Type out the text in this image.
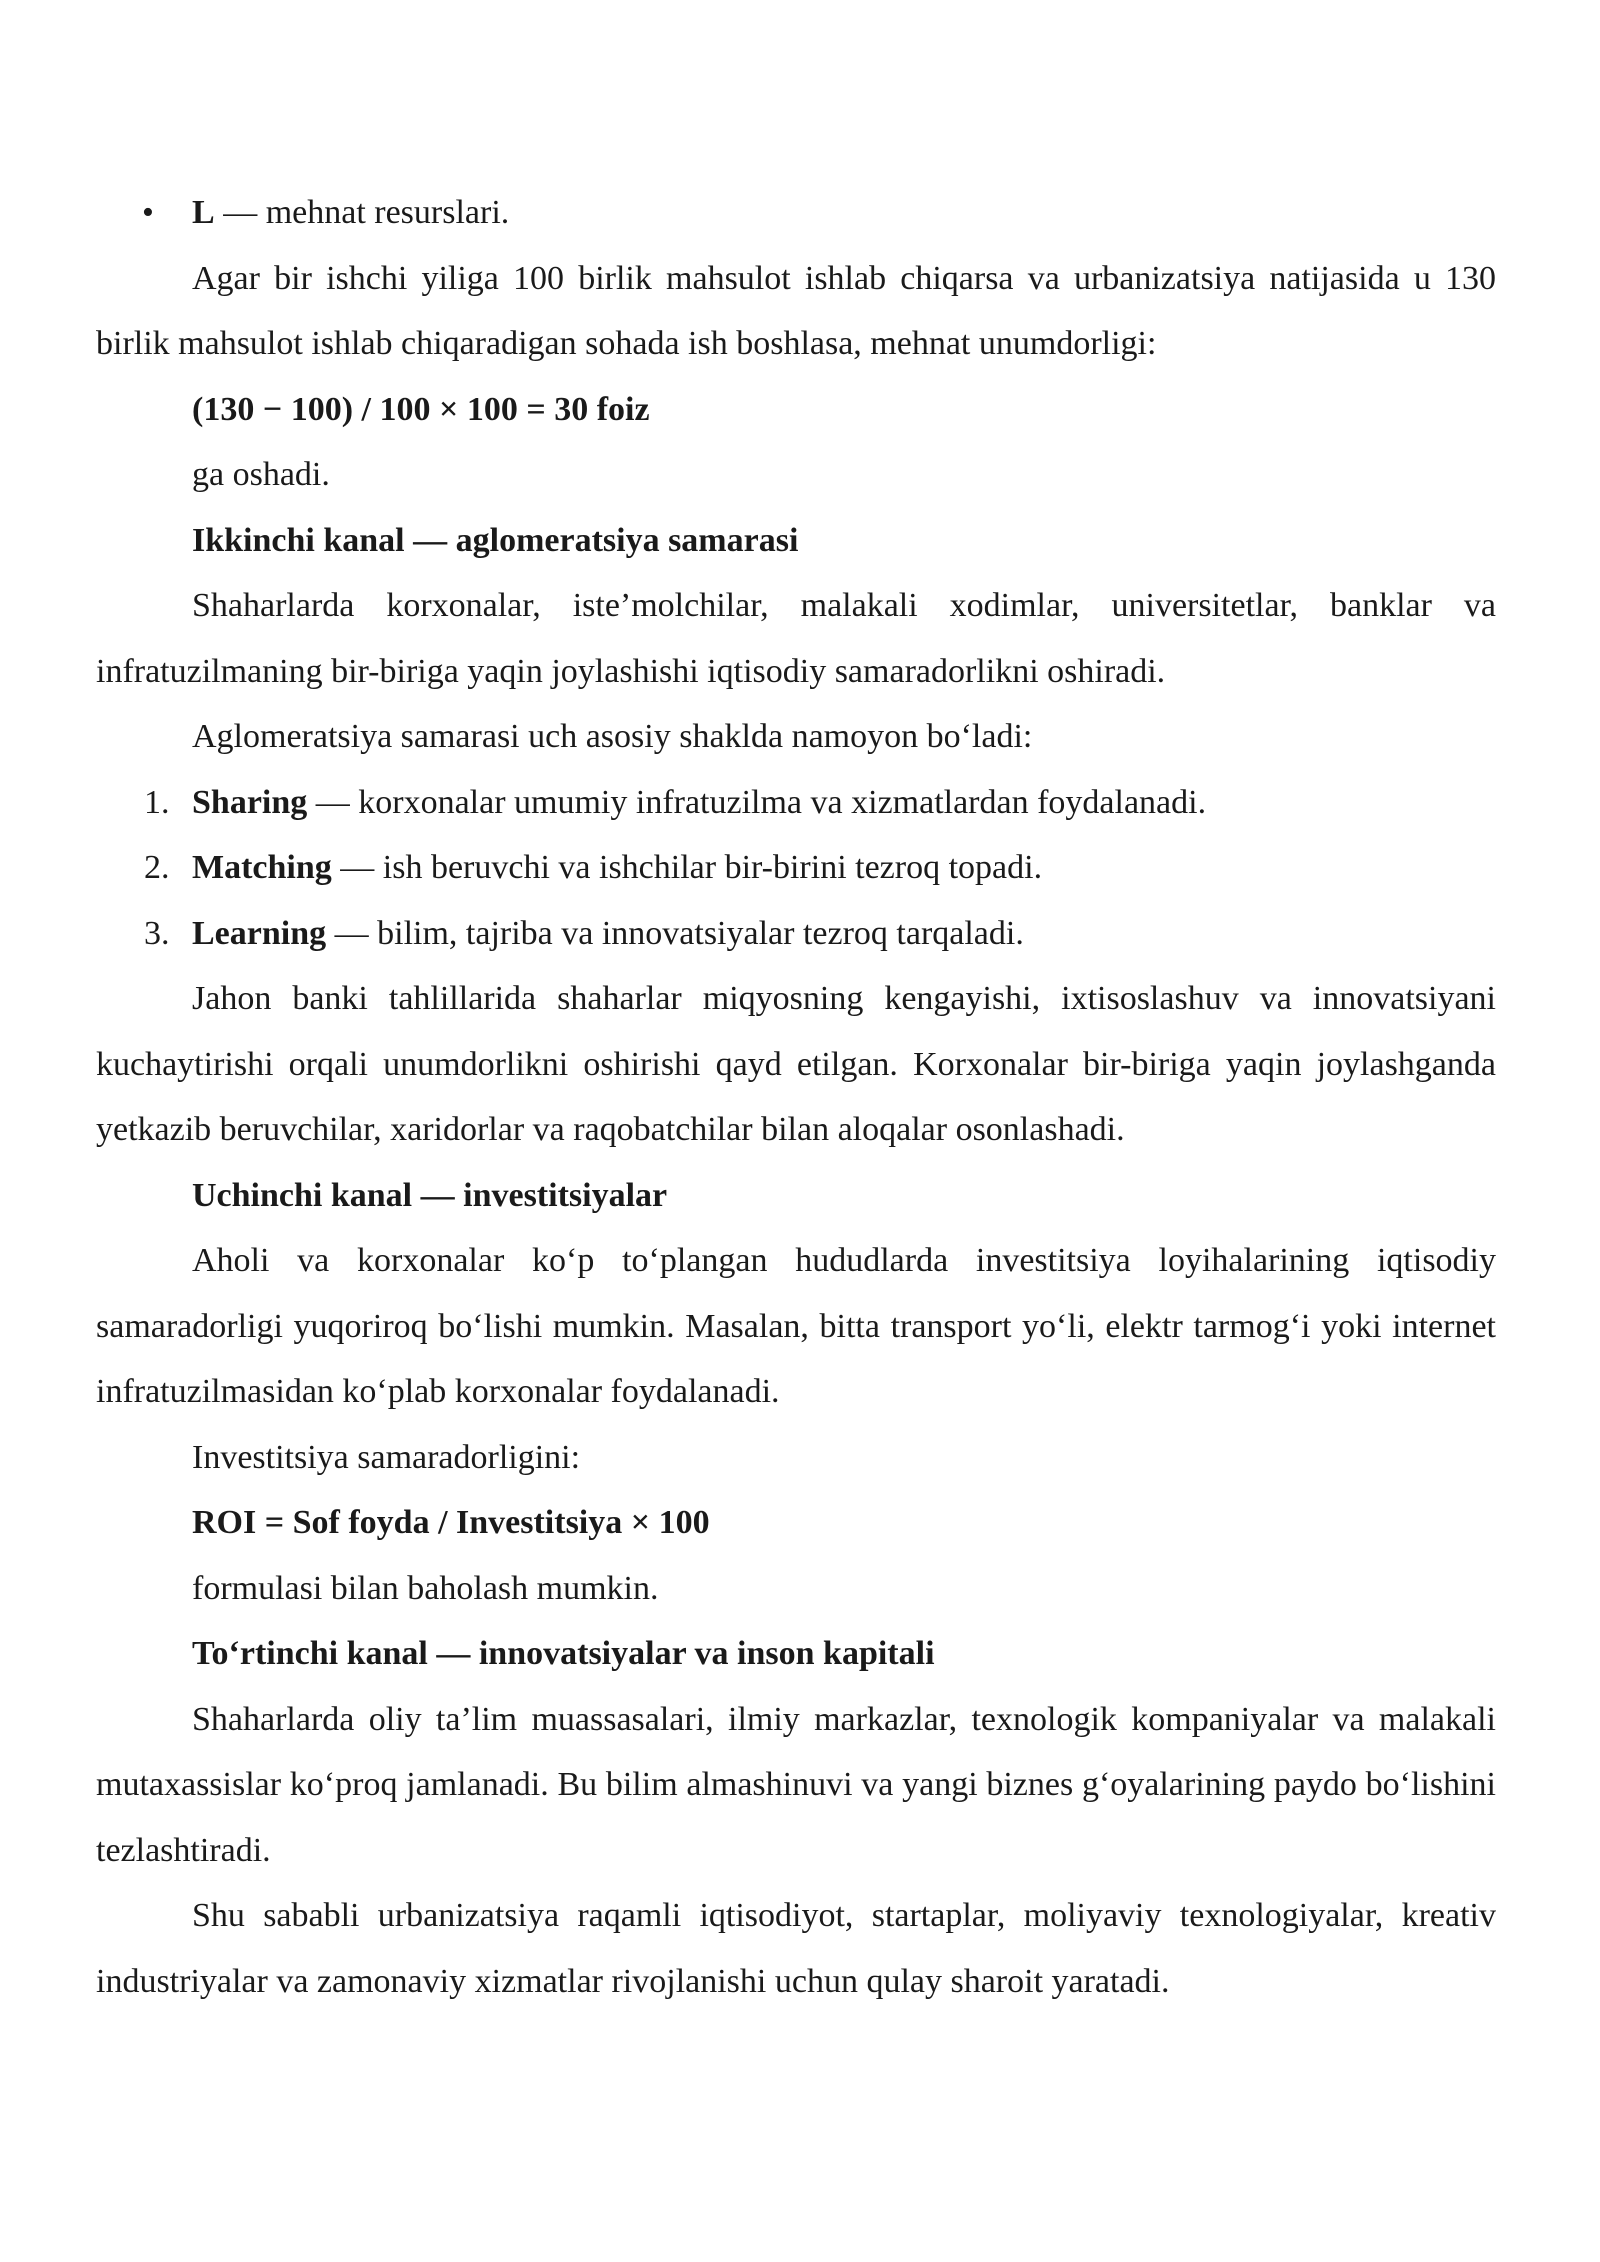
• L — mehnat resurslari.

Agar bir ishchi yiliga 100 birlik mahsulot ishlab chiqarsa va urbanizatsiya natijasida u 130 birlik mahsulot ishlab chiqaradigan sohada ish boshlasa, mehnat unumdorligi:

(130 − 100) / 100 × 100 = 30 foiz

ga oshadi.

Ikkinchi kanal — aglomeratsiya samarasi

Shaharlarda korxonalar, iste’molchilar, malakali xodimlar, universitetlar, banklar va infratuzilmaning bir-biriga yaqin joylashishi iqtisodiy samaradorlikni oshiradi.

Aglomeratsiya samarasi uch asosiy shaklda namoyon bo‘ladi:

1. Sharing — korxonalar umumiy infratuzilma va xizmatlardan foydalanadi.
2. Matching — ish beruvchi va ishchilar bir-birini tezroq topadi.
3. Learning — bilim, tajriba va innovatsiyalar tezroq tarqaladi.

Jahon banki tahlillarida shaharlar miqyosning kengayishi, ixtisoslashuv va innovatsiyani kuchaytirishi orqali unumdorlikni oshirishi qayd etilgan. Korxonalar bir-biriga yaqin joylashganda yetkazib beruvchilar, xaridorlar va raqobatchilar bilan aloqalar osonlashadi.

Uchinchi kanal — investitsiyalar

Aholi va korxonalar ko‘p to‘plangan hududlarda investitsiya loyihalarining iqtisodiy samaradorligi yuqoriroq bo‘lishi mumkin. Masalan, bitta transport yo‘li, elektr tarmog‘i yoki internet infratuzilmasidan ko‘plab korxonalar foydalanadi.

Investitsiya samaradorligini:

ROI = Sof foyda / Investitsiya × 100

formulasi bilan baholash mumkin.

To‘rtinchi kanal — innovatsiyalar va inson kapitali

Shaharlarda oliy ta’lim muassasalari, ilmiy markazlar, texnologik kompaniyalar va malakali mutaxassislar ko‘proq jamlanadi. Bu bilim almashinuvi va yangi biznes g‘oyalarining paydo bo‘lishini tezlashtiradi.

Shu sababli urbanizatsiya raqamli iqtisodiyot, startaplar, moliyaviy texnologiyalar, kreativ industriyalar va zamonaviy xizmatlar rivojlanishi uchun qulay sharoit yaratadi.
